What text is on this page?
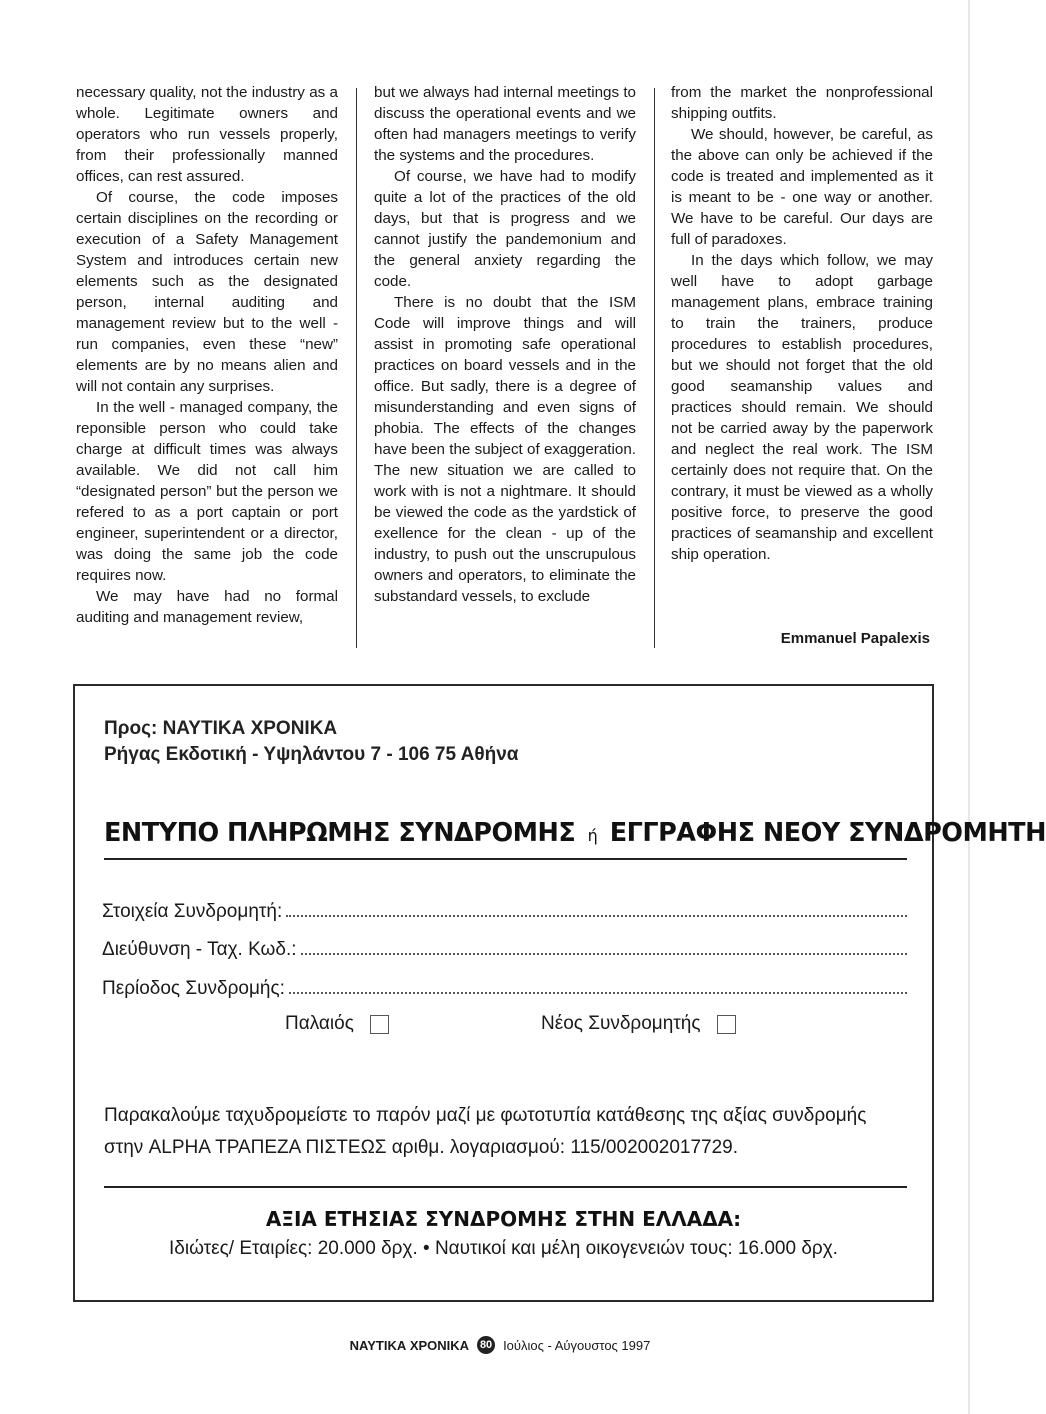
necessary quality, not the industry as a whole. Legitimate owners and operators who run vessels properly, from their professionally manned offices, can rest assured.

Of course, the code imposes certain disciplines on the recording or execution of a Safety Management System and introduces certain new elements such as the designated person, internal auditing and management review but to the well - run companies, even these “new” elements are by no means alien and will not contain any surprises.

In the well - managed company, the reponsible person who could take charge at difficult times was always available. We did not call him “designated person” but the person we refered to as a port captain or port engineer, superintendent or a director, was doing the same job the code requires now.

We may have had no formal auditing and management review,

but we always had internal meetings to discuss the operational events and we often had managers meetings to verify the systems and the procedures.

Of course, we have had to modify quite a lot of the practices of the old days, but that is progress and we cannot justify the pandemonium and the general anxiety regarding the code.

There is no doubt that the ISM Code will improve things and will assist in promoting safe operational practices on board vessels and in the office. But sadly, there is a degree of misunderstanding and even signs of phobia. The effects of the changes have been the subject of exaggeration. The new situation we are called to work with is not a nightmare. It should be viewed the code as the yardstick of exellence for the clean - up of the industry, to push out the unscrupulous owners and operators, to eliminate the substandard vessels, to exclude

from the market the nonprofessional shipping outfits.

We should, however, be careful, as the above can only be achieved if the code is treated and implemented as it is meant to be - one way or another. We have to be careful. Our days are full of paradoxes.

In the days which follow, we may well have to adopt garbage management plans, embrace training to train the trainers, produce procedures to establish procedures, but we should not forget that the old good seamanship values and practices should remain. We should not be carried away by the paperwork and neglect the real work. The ISM certainly does not require that. On the contrary, it must be viewed as a wholly positive force, to preserve the good practices of seamanship and excellent ship operation.

Emmanuel Papalexis
Προς: ΝΑΥΤΙΚΑ ΧΡΟΝΙΚΑ
Ρήγας Εκδοτική - Υψηλάντου 7 - 106 75 Αθήνα
ΕΝΤΥΠΟ ΠΛΗΡΩΜΗΣ ΣΥΝΔΡΟΜΗΣ ή ΕΓΓΡΑΦΗΣ ΝΕΟΥ ΣΥΝΔΡΟΜΗΤΗ
Στοιχεία Συνδρομητή:
Διεύθυνση - Ταχ. Κωδ.:
Περίοδος Συνδρομής:
Παλαιός	Νέος Συνδρομητής
Παρακαλούμε ταχυδρομείστε το παρόν μαζί με φωτοτυπία κατάθεσης της αξίας συνδρομής στην ALPHA ΤΡΑΠΕΖΑ ΠΙΣΤΕΩΣ αριθμ. λογαριασμού: 115/002002017729.
ΑΞΙΑ ΕΤΗΣΙΑΣ ΣΥΝΔΡΟΜΗΣ ΣΤΗΝ ΕΛΛΑΔΑ:
Ιδιώτες/ Εταιρίες: 20.000 δρχ. • Ναυτικοί και μέλη οικογενειών τους: 16.000 δρχ.
ΝΑΥΤΙΚΑ ΧΡΟΝΙΚΑ 80 Ιούλιος - Αύγουστος 1997
